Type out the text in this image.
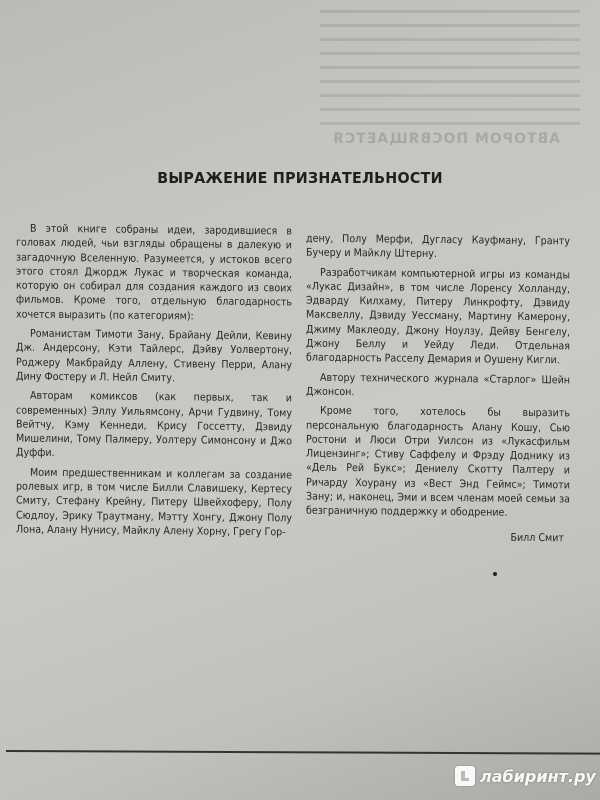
АВТОРОМ ПОСВЯЩАЕТСЯ
ВЫРАЖЕНИЕ ПРИЗНАТЕЛЬНОСТИ

В этой книге собраны идеи, зародившиеся в головах людей, чьи взгляды обращены в далекую и загадочную Вселенную. Разумеется, у истоков всего этого стоял Джордж Лукас и творческая команда, которую он собирал для создания каждого из своих фильмов. Кроме того, отдельную благодарность хочется выразить (по категориям):

Романистам Тимоти Зану, Брайану Дейли, Кевину Дж. Андерсону, Кэти Тайлерс, Дэйву Уолвертону, Роджеру Макбрайду Аллену, Стивену Перри, Алану Дину Фостеру и Л. Нейл Смиту.

Авторам комиксов (как первых, так и современных) Эллу Уильямсону, Арчи Гудвину, Тому Вейтчу, Кэму Кеннеди, Крису Госсетту, Дэвиду Мишелини, Тому Палмеру, Уолтеру Симонсону и Джо Дуффи.

Моим предшественникам и коллегам за создание ролевых игр, в том числе Билли Славишеку, Кертесу Смиту, Стефану Крейну, Питеру Швейхоферу, Полу Сюдлоу, Эрику Траутману, Мэтту Хонгу, Джону Полу Лона, Алану Нунису, Майклу Алену Хорну, Грегу Гор-

дену, Полу Мерфи, Дугласу Кауфману, Гранту Бучеру и Майклу Штерну.

Разработчикам компьютерной игры из команды «Лукас Дизайн», в том числе Лоренсу Холланду, Эдварду Килхаму, Питеру Линкрофту, Дэвиду Максвеллу, Дэвиду Уессману, Мартину Камерону, Джиму Маклеоду, Джону Ноулзу, Дейву Бенгелу, Джону Беллу и Уейду Леди. Отдельная благодарность Расселу Демария и Оушену Кигли.

Автору технического журнала «Старлог» Шейн Джонсон.

Кроме того, хотелось бы выразить персональную благодарность Алану Кошу, Сью Ростони и Люси Отри Уилсон из «Лукасфильм Лицензинг»; Стиву Саффелу и Фрэду Доднику из «Дель Рей Букс»; Дениелу Скотту Палтеру и Ричарду Хоурану из «Вест Энд Геймс»; Тимоти Зану; и, наконец, Эми и всем членам моей семьи за безграничную поддержку и ободрение.

Билл Смит
лабиринт.ру
